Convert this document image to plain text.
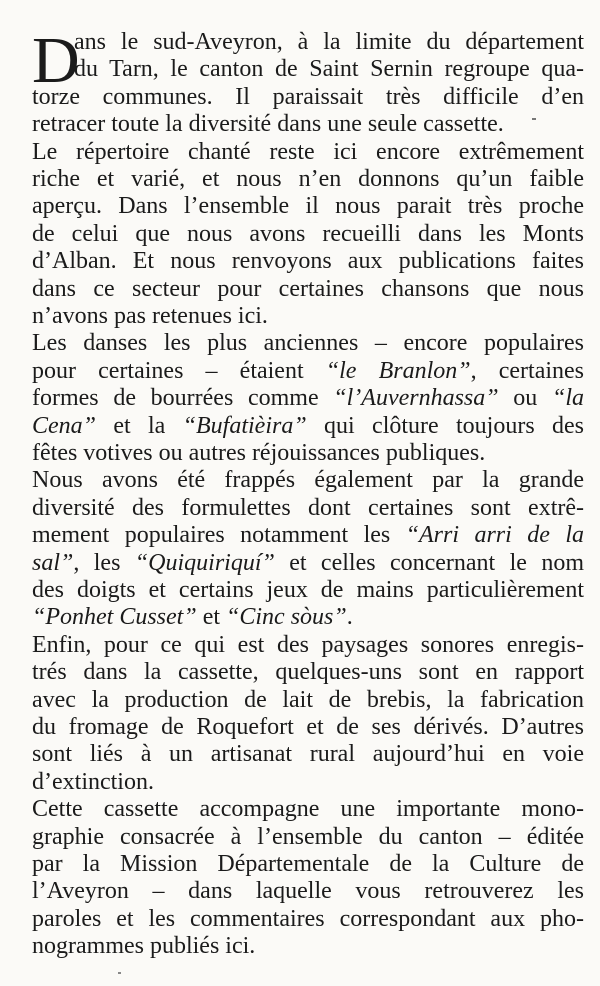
D
ans le sud-Aveyron, à la limite du département
du Tarn, le canton de Saint Sernin regroupe qua-
torze communes. Il paraissait très difficile d’en
retracer toute la diversité dans une seule cassette.
Le répertoire chanté reste ici encore extrêmement
riche et varié, et nous n’en donnons qu’un faible
aperçu. Dans l’ensemble il nous parait très proche
de celui que nous avons recueilli dans les Monts
d’Alban. Et nous renvoyons aux publications faites
dans ce secteur pour certaines chansons que nous
n’avons pas retenues ici.
Les danses les plus anciennes – encore populaires
pour certaines – étaient “le Branlon”, certaines
formes de bourrées comme “l’Auvernhassa” ou “la
Cena” et la “Bufatièira” qui clôture toujours des
fêtes votives ou autres réjouissances publiques.
Nous avons été frappés également par la grande
diversité des formulettes dont certaines sont extrê-
mement populaires notamment les “Arri arri de la
sal”, les “Quiquiriquí” et celles concernant le nom
des doigts et certains jeux de mains particulièrement
“Ponhet Cusset” et “Cinc sòus”.
Enfin, pour ce qui est des paysages sonores enregis-
trés dans la cassette, quelques-uns sont en rapport
avec la production de lait de brebis, la fabrication
du fromage de Roquefort et de ses dérivés. D’autres
sont liés à un artisanat rural aujourd’hui en voie
d’extinction.
Cette cassette accompagne une importante mono-
graphie consacrée à l’ensemble du canton – éditée
par la Mission Départementale de la Culture de
l’Aveyron – dans laquelle vous retrouverez les
paroles et les commentaires correspondant aux pho-
nogrammes publiés ici.
